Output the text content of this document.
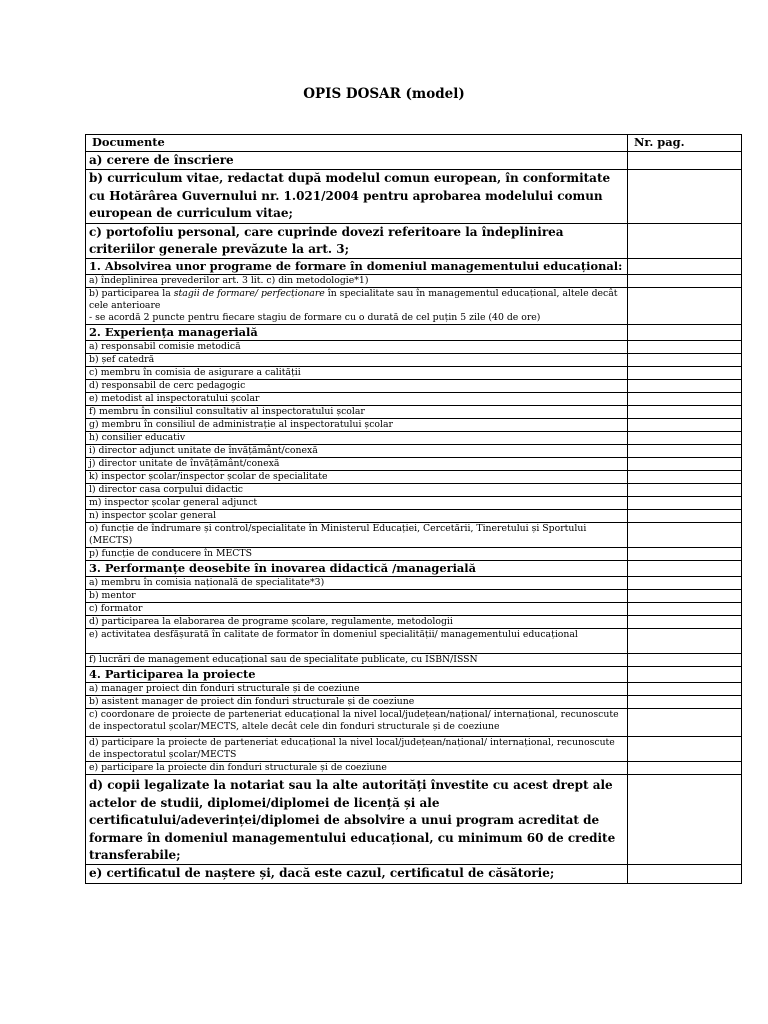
OPIS DOSAR (model)
Documente	Nr. pag.
a) cerere de înscriere	
b) curriculum vitae, redactat după modelul comun european, în conformitate cu Hotărârea Guvernului nr. 1.021/2004 pentru aprobarea modelului comun european de curriculum vitae;	
c) portofoliu personal, care cuprinde dovezi referitoare la îndeplinirea criteriilor generale prevăzute la art. 3;	
1. Absolvirea unor programe de formare în domeniul managementului educațional:	
a) îndeplinirea prevederilor art. 3 lit. c) din metodologie*1)	
b) participarea la stagii de formare/ perfecționare în specialitate sau în managementul educațional, altele decât cele anterioare
- se acordă 2 puncte pentru fiecare stagiu de formare cu o durată de cel puțin 5 zile (40 de ore)	
2. Experiența managerială	
a) responsabil comisie metodică	
b) șef catedră	
c) membru în comisia de asigurare a calității	
d) responsabil de cerc pedagogic	
e) metodist al inspectoratului școlar	
f) membru în consiliul consultativ al inspectoratului școlar	
g) membru în consiliul de administrație al inspectoratului școlar	
h) consilier educativ	
i) director adjunct unitate de învățământ/conexă	
j) director unitate de învățământ/conexă	
k) inspector școlar/inspector școlar de specialitate	
l) director casa corpului didactic	
m) inspector școlar general adjunct	
n) inspector școlar general	
o) funcție de îndrumare și control/specialitate în Ministerul Educației, Cercetării, Tineretului și Sportului (MECTS)	
p) funcție de conducere în MECTS	
3. Performanțe deosebite în inovarea didactică /managerială	
a) membru în comisia națională de specialitate*3)	
b) mentor	
c) formator	
d) participarea la elaborarea de programe școlare, regulamente, metodologii	
e) activitatea desfășurată în calitate de formator în domeniul specialității/ managementului educațional	
f) lucrări de management educațional sau de specialitate publicate, cu ISBN/ISSN	
4. Participarea la proiecte	
a) manager proiect din fonduri structurale și de coeziune	
b) asistent manager de proiect din fonduri structurale și de coeziune	
c) coordonare de proiecte de parteneriat educațional la nivel local/județean/național/ internațional, recunoscute de inspectoratul școlar/MECTS, altele decât cele din fonduri structurale și de coeziune	
d) participare la proiecte de parteneriat educațional la nivel local/județean/național/ internațional, recunoscute de inspectoratul școlar/MECTS	
e) participare la proiecte din fonduri structurale și de coeziune	
d) copii legalizate la notariat sau la alte autorități învestite cu acest drept ale actelor de studii, diplomei/diplomei de licență și ale certificatului/adeverinței/diplomei de absolvire a unui program acreditat de formare în domeniul managementului educațional, cu minimum 60 de credite transferabile;	
e) certificatul de naștere și, dacă este cazul, certificatul de căsătorie;	
